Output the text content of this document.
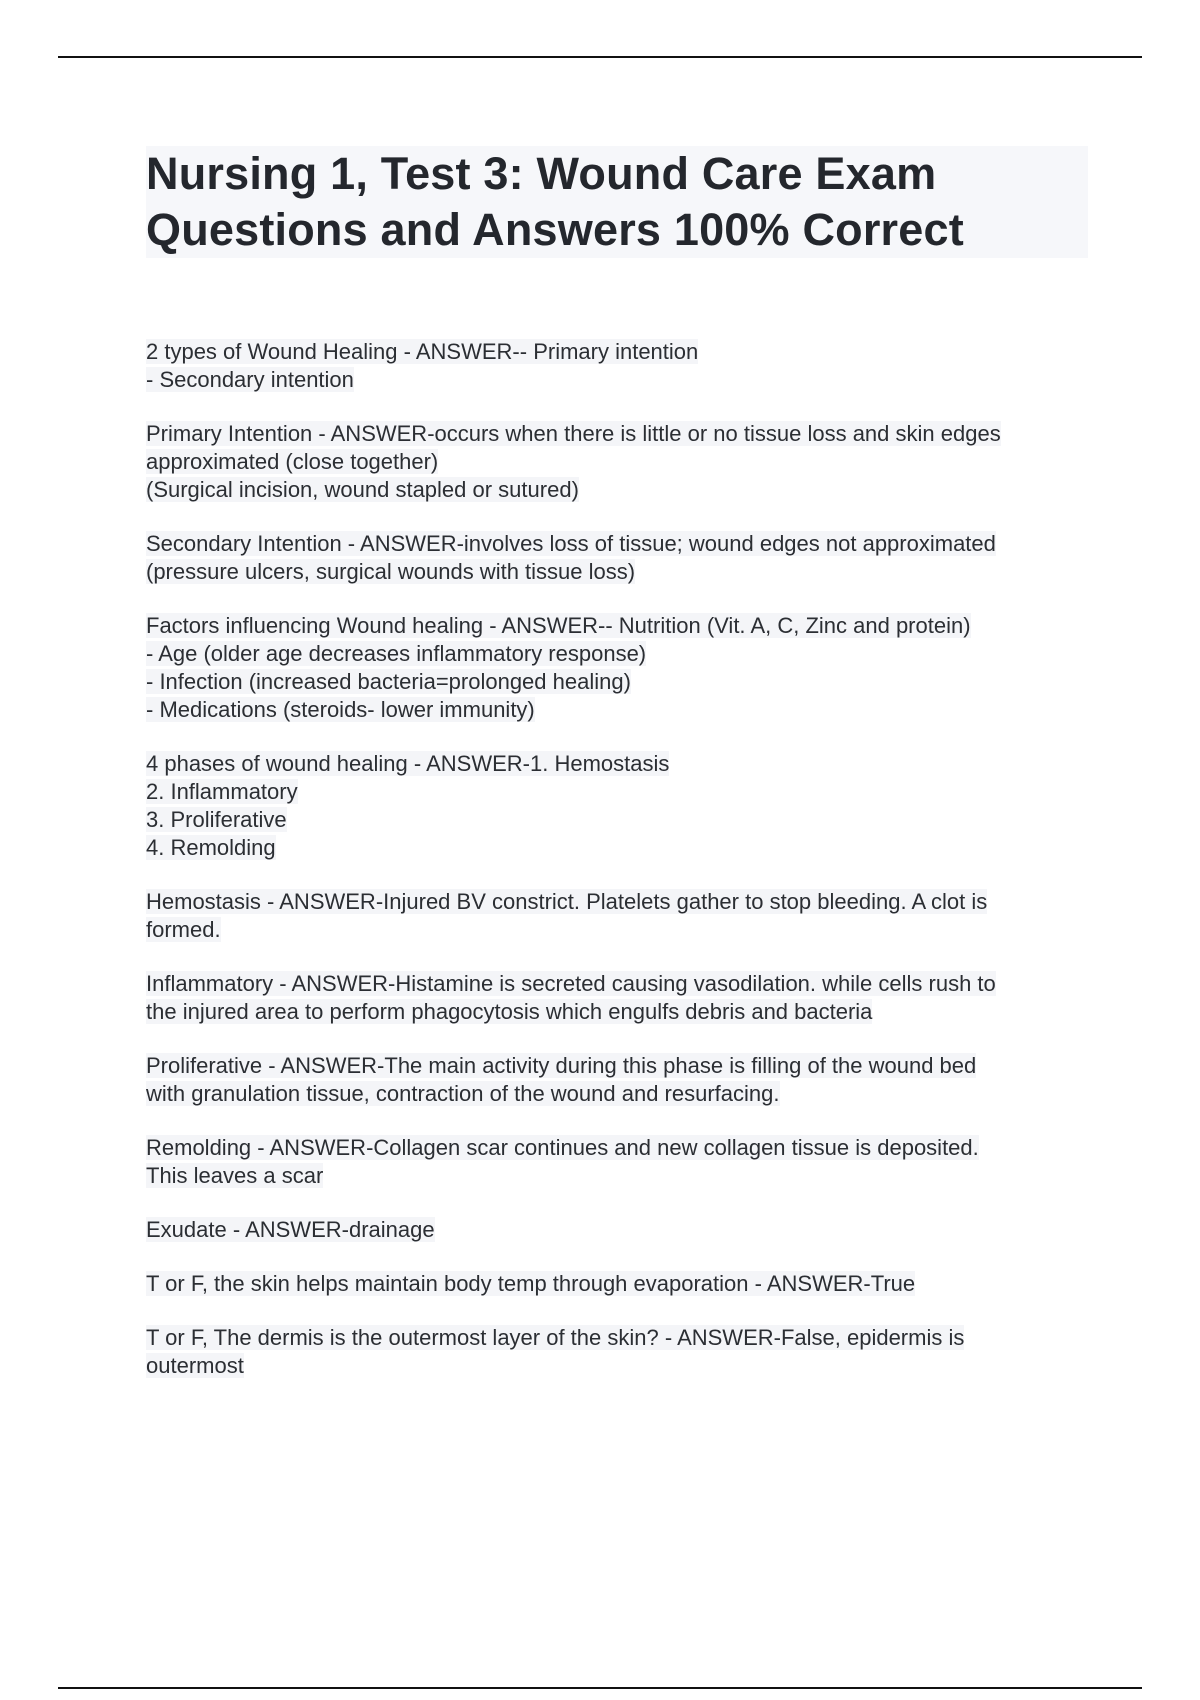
Nursing 1, Test 3: Wound Care Exam
Questions and Answers 100% Correct
2 types of Wound Healing - ANSWER-- Primary intention
- Secondary intention
Primary Intention - ANSWER-occurs when there is little or no tissue loss and skin edges
approximated (close together)
(Surgical incision, wound stapled or sutured)
Secondary Intention - ANSWER-involves loss of tissue; wound edges not approximated
(pressure ulcers, surgical wounds with tissue loss)
Factors influencing Wound healing - ANSWER-- Nutrition (Vit. A, C, Zinc and protein)
- Age (older age decreases inflammatory response)
- Infection (increased bacteria=prolonged healing)
- Medications (steroids- lower immunity)
4 phases of wound healing - ANSWER-1. Hemostasis
2. Inflammatory
3. Proliferative
4. Remolding
Hemostasis - ANSWER-Injured BV constrict. Platelets gather to stop bleeding. A clot is
formed.
Inflammatory - ANSWER-Histamine is secreted causing vasodilation. while cells rush to
the injured area to perform phagocytosis which engulfs debris and bacteria
Proliferative - ANSWER-The main activity during this phase is filling of the wound bed
with granulation tissue, contraction of the wound and resurfacing.
Remolding - ANSWER-Collagen scar continues and new collagen tissue is deposited.
This leaves a scar
Exudate - ANSWER-drainage
T or F, the skin helps maintain body temp through evaporation - ANSWER-True
T or F, The dermis is the outermost layer of the skin? - ANSWER-False, epidermis is
outermost
